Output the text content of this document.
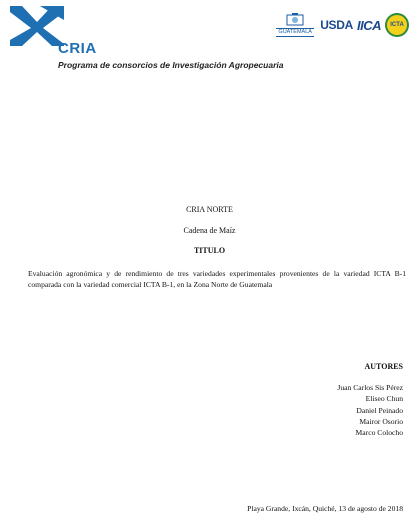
CRIA
Programa de consorcios de Investigación Agropecuaria
GUATEMALA USDA IICA	ICTA
CRIA NORTE
Cadena de Maíz
TITULO
Evaluación agronómica y de rendimiento de tres variedades experimentales provenientes de la variedad ICTA B-1 comparada con la variedad comercial ICTA B-1, en la Zona Norte de Guatemala
AUTORES
Juan Carlos Sis Pérez
Eliseo Chun
Daniel Peinado
Mairor Osorio
Marco Colocho
Playa Grande, Ixcán, Quiché, 13 de agosto de 2018
